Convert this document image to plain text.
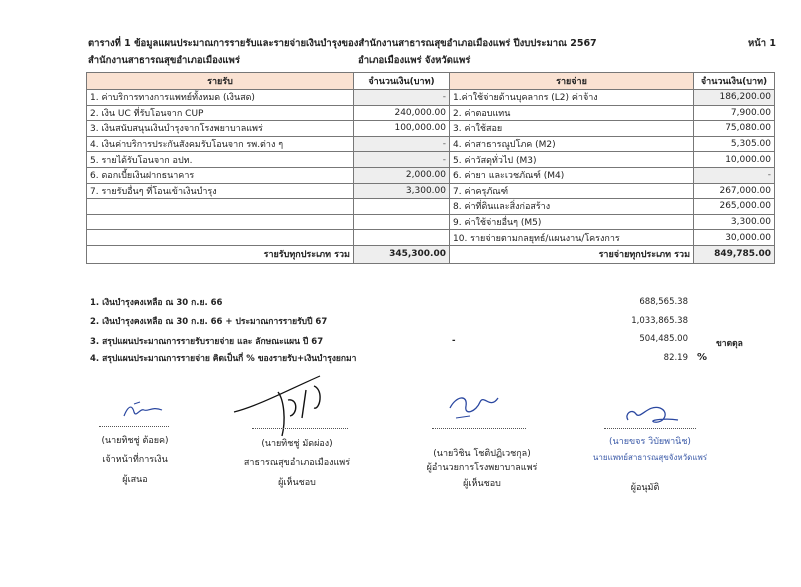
ตารางที่ 1 ข้อมูลแผนประมาณการรายรับและรายจ่ายเงินบำรุงของสำนักงานสาธารณสุขอำเภอเมืองแพร่ ปีงบประมาณ 2567	หน้า 1
สำนักงานสาธารณสุขอำเภอเมืองแพร่	อำเภอเมืองแพร่ จังหวัดแพร่
รายรับ	จำนวนเงิน(บาท)	รายจ่าย	จำนวนเงิน(บาท)
1. ค่าบริการทางการแพทย์ทั้งหมด (เงินสด)	-	1.ค่าใช้จ่ายด้านบุคลากร (L2) ค่าจ้าง	186,200.00
2. เงิน UC ที่รับโอนจาก CUP	240,000.00	2. ค่าตอบแทน	7,900.00
3. เงินสนับสนุนเงินบำรุงจากโรงพยาบาลแพร่	100,000.00	3. ค่าใช้สอย	75,080.00
4. เงินค่าบริการประกันสังคมรับโอนจาก รพ.ต่าง ๆ	-	4. ค่าสาธารณูปโภค (M2)	5,305.00
5. รายได้รับโอนจาก อปท.	-	5. ค่าวัสดุทั่วไป (M3)	10,000.00
6. ดอกเบี้ยเงินฝากธนาคาร	2,000.00	6. ค่ายา และเวชภัณฑ์ (M4)	-
7. รายรับอื่นๆ ที่โอนเข้าเงินบำรุง	3,300.00	7. ค่าครุภัณฑ์	267,000.00
		8. ค่าที่ดินและสิ่งก่อสร้าง	265,000.00
		9. ค่าใช้จ่ายอื่นๆ (M5)	3,300.00
		10. รายจ่ายตามกลยุทธ์/แผนงาน/โครงการ	30,000.00
รายรับทุกประเภท รวม	345,300.00	รายจ่ายทุกประเภท รวม	849,785.00
1. เงินบำรุงคงเหลือ ณ 30 ก.ย. 66	688,565.38
2. เงินบำรุงคงเหลือ ณ 30 ก.ย. 66 + ประมาณการรายรับปี 67	1,033,865.38
3. สรุปแผนประมาณการรายรับรายจ่าย และ ลักษณะแผน ปี 67	-	504,485.00	ขาดดุล
4. สรุปแผนประมาณการรายจ่าย คิดเป็นกี่ % ของรายรับ+เงินบำรุงยกมา	82.19 %
(นายทิชชู่ ต้อยค)
เจ้าหน้าที่การเงิน
ผู้เสนอ
(นายทิชชู่ มัดผ่อง)
สาธารณสุขอำเภอเมืองแพร่
ผู้เห็นชอบ
(นายวิชิน โชติปฏิเวชกุล)
ผู้อำนวยการโรงพยาบาลแพร่
ผู้เห็นชอบ
(นายขจร วิบัยพานิช)
นายแพทย์สาธารณสุขจังหวัดแพร่
ผู้อนุมัติ
